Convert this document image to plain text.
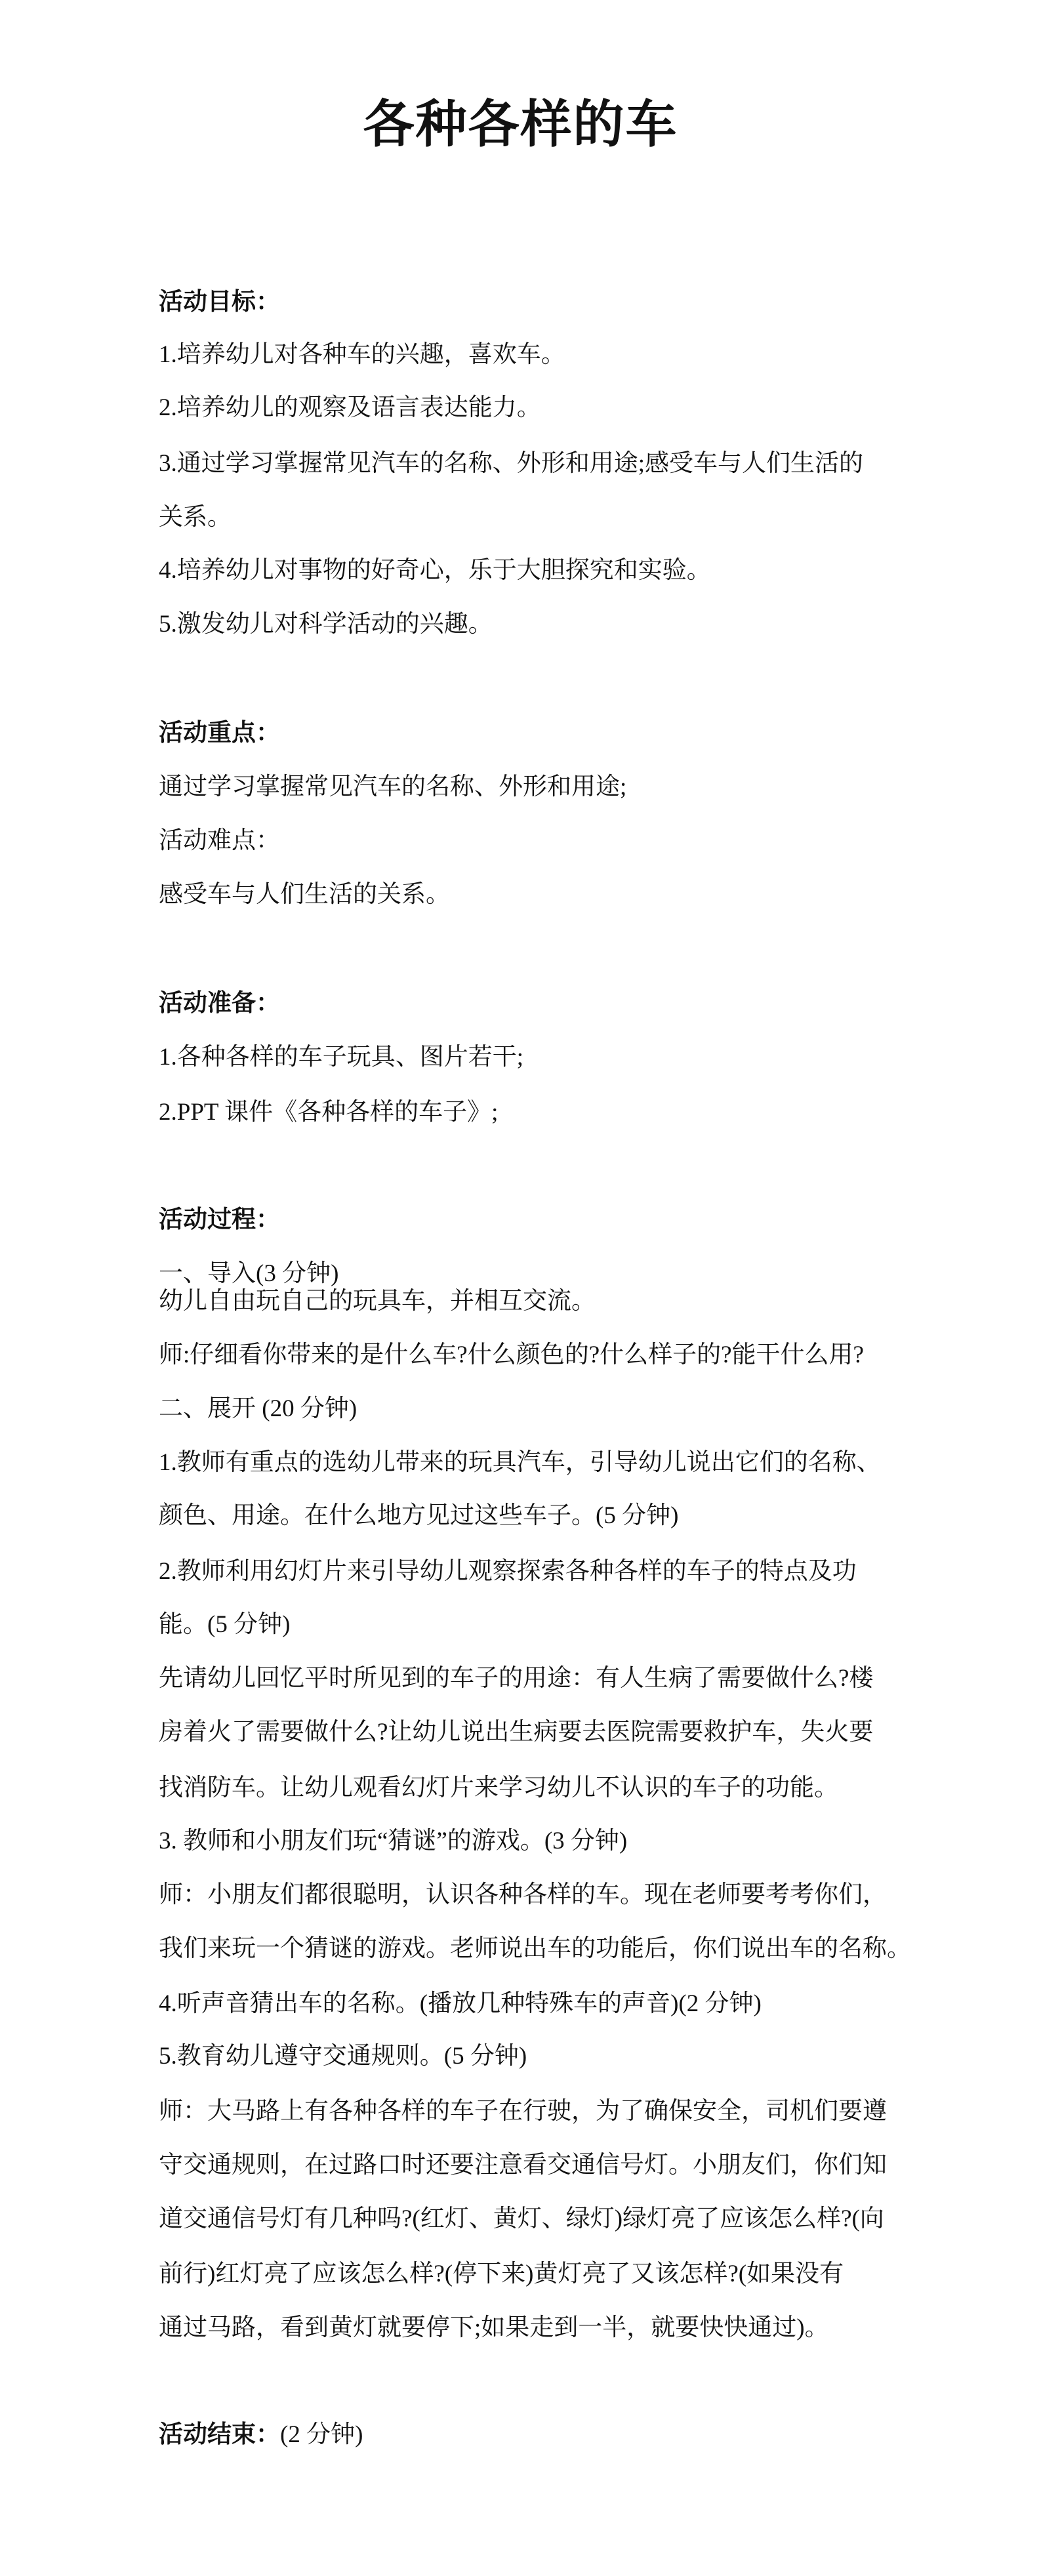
各种各样的车
活动目标：
1.培养幼儿对各种车的兴趣，喜欢车。
2.培养幼儿的观察及语言表达能力。
3.通过学习掌握常见汽车的名称、外形和用途;感受车与人们生活的
关系。
4.培养幼儿对事物的好奇心，乐于大胆探究和实验。
5.激发幼儿对科学活动的兴趣。
活动重点：
通过学习掌握常见汽车的名称、外形和用途;
活动难点：
感受车与人们生活的关系。
活动准备：
1.各种各样的车子玩具、图片若干;
2.PPT 课件《各种各样的车子》;
活动过程：
一、导入(3 分钟)
幼儿自由玩自己的玩具车，并相互交流。
师:仔细看你带来的是什么车?什么颜色的?什么样子的?能干什么用?
二、展开 (20 分钟)
1.教师有重点的选幼儿带来的玩具汽车，引导幼儿说出它们的名称、
颜色、用途。在什么地方见过这些车子。(5 分钟)
2.教师利用幻灯片来引导幼儿观察探索各种各样的车子的特点及功
能。(5 分钟)
先请幼儿回忆平时所见到的车子的用途：有人生病了需要做什么?楼
房着火了需要做什么?让幼儿说出生病要去医院需要救护车，失火要
找消防车。让幼儿观看幻灯片来学习幼儿不认识的车子的功能。
3. 教师和小朋友们玩“猜谜”的游戏。(3 分钟)
师：小朋友们都很聪明，认识各种各样的车。现在老师要考考你们，
我们来玩一个猜谜的游戏。老师说出车的功能后，你们说出车的名称。
4.听声音猜出车的名称。(播放几种特殊车的声音)(2 分钟)
5.教育幼儿遵守交通规则。(5 分钟)
师：大马路上有各种各样的车子在行驶，为了确保安全，司机们要遵
守交通规则，在过路口时还要注意看交通信号灯。小朋友们，你们知
道交通信号灯有几种吗?(红灯、黄灯、绿灯)绿灯亮了应该怎么样?(向
前行)红灯亮了应该怎么样?(停下来)黄灯亮了又该怎样?(如果没有
通过马路，看到黄灯就要停下;如果走到一半，就要快快通过)。
活动结束：(2 分钟)
